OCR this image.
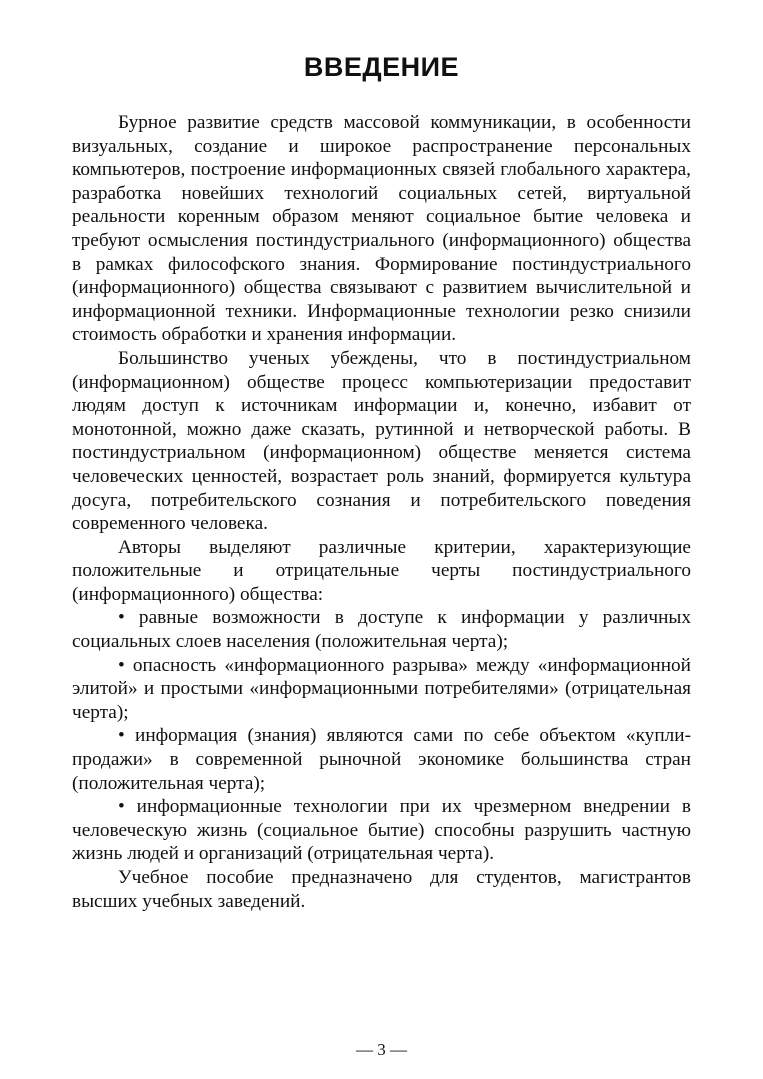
ВВЕДЕНИЕ

Бурное развитие средств массовой коммуникации, в особенности визуальных, создание и широкое распространение персональных компьютеров, построение информационных связей глобального характера, разработка новейших технологий социальных сетей, виртуальной реальности коренным образом меняют социальное бытие человека и требуют осмысления постиндустриального (информационного) общества в рамках философского знания. Формирование постиндустриального (информационного) общества связывают с развитием вычислительной и информационной техники. Информационные технологии резко снизили стоимость обработки и хранения информации.

Большинство ученых убеждены, что в постиндустриальном (информационном) обществе процесс компьютеризации предоставит людям доступ к источникам информации и, конечно, избавит от монотонной, можно даже сказать, рутинной и нетворческой работы. В постиндустриальном (информационном) обществе меняется система человеческих ценностей, возрастает роль знаний, формируется культура досуга, потребительского сознания и потребительского поведения современного человека.

Авторы выделяют различные критерии, характеризующие положительные и отрицательные черты постиндустриального (информационного) общества:

• равные возможности в доступе к информации у различных социальных слоев населения (положительная черта);

• опасность «информационного разрыва» между «информационной элитой» и простыми «информационными потребителями» (отрицательная черта);

• информация (знания) являются сами по себе объектом «купли-продажи» в современной рыночной экономике большинства стран (положительная черта);

• информационные технологии при их чрезмерном внедрении в человеческую жизнь (социальное бытие) способны разрушить частную жизнь людей и организаций (отрицательная черта).

Учебное пособие предназначено для студентов, магистрантов высших учебных заведений.

— 3 —
